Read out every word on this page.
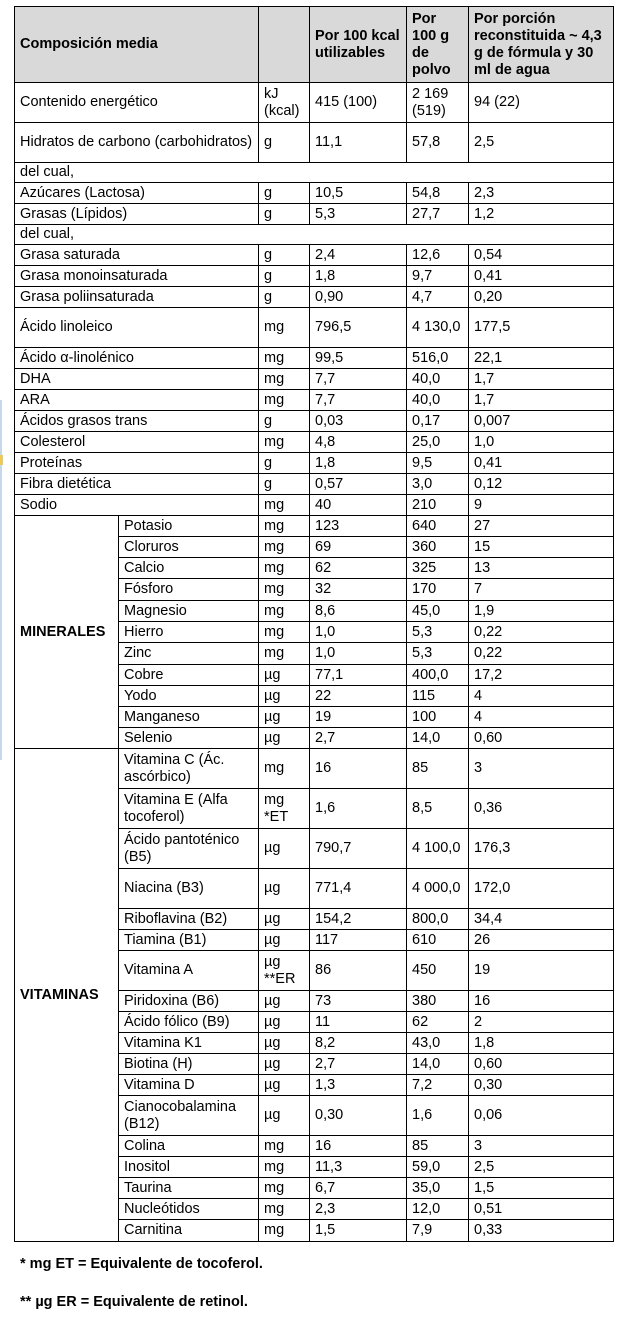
Composición media			Por 100 kcal utilizables	Por 100 g de polvo	Por porción reconstituida ~ 4,3 g de fórmula y 30 ml de agua
Contenido energético		kJ (kcal)	415 (100)	2 169 (519)	94 (22)
Hidratos de carbono (carbohidratos)		g	11,1	57,8	2,5
del cual,					
Azúcares (Lactosa)		g	10,5	54,8	2,3
Grasas (Lípidos)		g	5,3	27,7	1,2
del cual,					
Grasa saturada		g	2,4	12,6	0,54
Grasa monoinsaturada		g	1,8	9,7	0,41
Grasa poliinsaturada		g	0,90	4,7	0,20
Ácido linoleico		mg	796,5	4 130,0	177,5
Ácido α-linolénico		mg	99,5	516,0	22,1
DHA		mg	7,7	40,0	1,7
ARA		mg	7,7	40,0	1,7
Ácidos grasos trans		g	0,03	0,17	0,007
Colesterol		mg	4,8	25,0	1,0
Proteínas		g	1,8	9,5	0,41
Fibra dietética		g	0,57	3,0	0,12
Sodio		mg	40	210	9
MINERALES	Potasio	mg	123	640	27
	Cloruros	mg	69	360	15
	Calcio	mg	62	325	13
	Fósforo	mg	32	170	7
	Magnesio	mg	8,6	45,0	1,9
	Hierro	mg	1,0	5,3	0,22
	Zinc	mg	1,0	5,3	0,22
	Cobre	µg	77,1	400,0	17,2
	Yodo	µg	22	115	4
	Manganeso	µg	19	100	4
	Selenio	µg	2,7	14,0	0,60
VITAMINAS	Vitamina C (Ác. ascórbico)	mg	16	85	3
	Vitamina E (Alfa tocoferol)	mg *ET	1,6	8,5	0,36
	Ácido pantoténico (B5)	µg	790,7	4 100,0	176,3
	Niacina (B3)	µg	771,4	4 000,0	172,0
	Riboflavina (B2)	µg	154,2	800,0	34,4
	Tiamina (B1)	µg	117	610	26
	Vitamina A	µg **ER	86	450	19
	Piridoxina (B6)	µg	73	380	16
	Ácido fólico (B9)	µg	11	62	2
	Vitamina K1	µg	8,2	43,0	1,8
	Biotina (H)	µg	2,7	14,0	0,60
	Vitamina D	µg	1,3	7,2	0,30
	Cianocobalamina (B12)	µg	0,30	1,6	0,06
	Colina	mg	16	85	3
	Inositol	mg	11,3	59,0	2,5
	Taurina	mg	6,7	35,0	1,5
	Nucleótidos	mg	2,3	12,0	0,51
	Carnitina	mg	1,5	7,9	0,33
* mg ET = Equivalente de tocoferol.
** µg ER = Equivalente de retinol.
